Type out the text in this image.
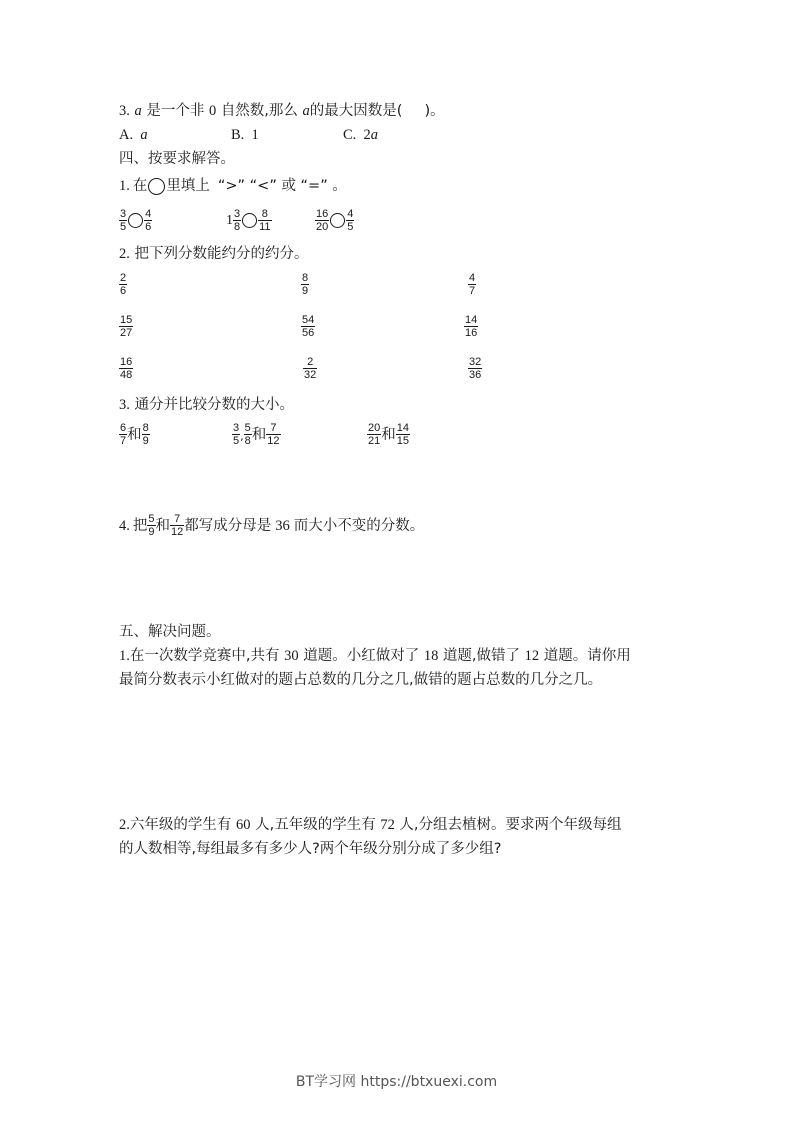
3. a 是一个非 0 自然数,那么 a的最大因数是(　 )。
A. a	B. 1	C. 2a
四、按要求解答。
1. 在 里填上 “>” “<” 或 “=” 。
$\frac{3}{5} \frac{4}{6}$	$1 \frac{3}{8} \frac{8}{11}$	$\frac{16}{20} \frac{4}{5}$
2. 把下列分数能约分的约分。
$\frac{2}{6}$	$\frac{8}{9}$	$\frac{4}{7}$
$\frac{15}{27}$	$\frac{54}{56}$	$\frac{14}{16}$
$\frac{16}{48}$	$\frac{2}{32}$	$\frac{32}{36}$
3. 通分并比较分数的大小。
$\frac{6}{7}$ 和 $\frac{8}{9}$	$\frac{3}{5}$ , $\frac{5}{8}$ 和 $\frac{7}{12}$	$\frac{20}{21}$ 和 $\frac{14}{15}$
4. 把 $\frac{5}{9}$ 和 $\frac{7}{12}$ 都写成分母是 36 而大小不变的分数。
五、解决问题。
1.在一次数学竞赛中,共有 30 道题。小红做对了 18 道题,做错了 12 道题。请你用
最简分数表示小红做对的题占总数的几分之几,做错的题占总数的几分之几。
2.六年级的学生有 60 人,五年级的学生有 72 人,分组去植树。要求两个年级每组
的人数相等,每组最多有多少人?两个年级分别分成了多少组?
BT学习网 https://btxuexi.com
